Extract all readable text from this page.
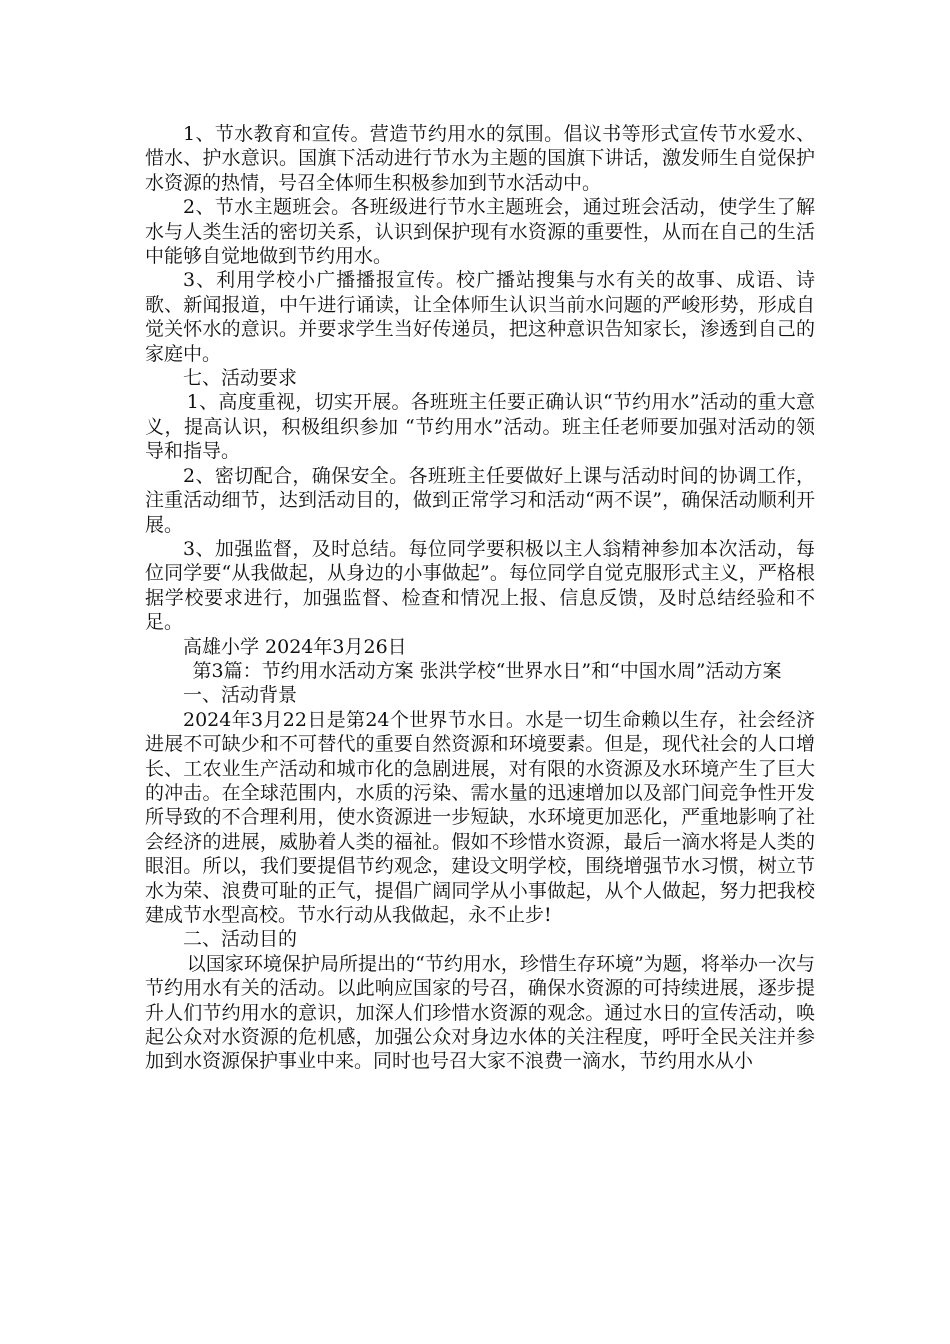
1、节水教育和宣传。营造节约用水的氛围。倡议书等形式宣传节水爱水、惜水、护水意识。国旗下活动进行节水为主题的国旗下讲话，激发师生自觉保护水资源的热情，号召全体师生积极参加到节水活动中。

2、节水主题班会。各班级进行节水主题班会，通过班会活动，使学生了解水与人类生活的密切关系，认识到保护现有水资源的重要性，从而在自己的生活中能够自觉地做到节约用水。

3、利用学校小广播播报宣传。校广播站搜集与水有关的故事、成语、诗歌、新闻报道，中午进行诵读，让全体师生认识当前水问题的严峻形势，形成自觉关怀水的意识。并要求学生当好传递员，把这种意识告知家长，渗透到自己的家庭中。

七、活动要求

1、高度重视，切实开展。各班班主任要正确认识“节约用水”活动的重大意义，提高认识，积极组织参加 “节约用水”活动。班主任老师要加强对活动的领导和指导。

2、密切配合，确保安全。各班班主任要做好上课与活动时间的协调工作，注重活动细节，达到活动目的，做到正常学习和活动“两不误”，确保活动顺利开展。

3、加强监督，及时总结。每位同学要积极以主人翁精神参加本次活动，每位同学要“从我做起，从身边的小事做起”。每位同学自觉克服形式主义，严格根据学校要求进行，加强监督、检查和情况上报、信息反馈，及时总结经验和不足。

高雄小学 2024年3月26日

第3篇：节约用水活动方案 张洪学校“世界水日”和“中国水周”活动方案

一、活动背景

2024年3月22日是第24个世界节水日。水是一切生命赖以生存，社会经济进展不可缺少和不可替代的重要自然资源和环境要素。但是，现代社会的人口增长、工农业生产活动和城市化的急剧进展，对有限的水资源及水环境产生了巨大的冲击。在全球范围内，水质的污染、需水量的迅速增加以及部门间竞争性开发所导致的不合理利用，使水资源进一步短缺，水环境更加恶化，严重地影响了社会经济的进展，威胁着人类的福祉。假如不珍惜水资源，最后一滴水将是人类的眼泪。所以，我们要提倡节约观念，建设文明学校，围绕增强节水习惯，树立节水为荣、浪费可耻的正气，提倡广阔同学从小事做起，从个人做起，努力把我校建成节水型高校。节水行动从我做起，永不止步!

二、活动目的

以国家环境保护局所提出的“节约用水，珍惜生存环境”为题，将举办一次与节约用水有关的活动。以此响应国家的号召，确保水资源的可持续进展，逐步提升人们节约用水的意识，加深人们珍惜水资源的观念。通过水日的宣传活动，唤起公众对水资源的危机感，加强公众对身边水体的关注程度，呼吁全民关注并参加到水资源保护事业中来。同时也号召大家不浪费一滴水，节约用水从小
